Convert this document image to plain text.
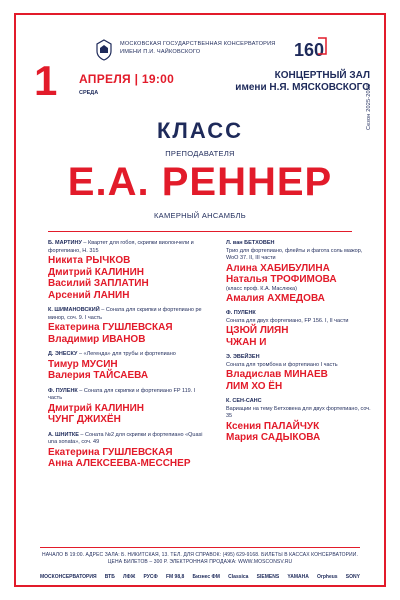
МОСКОВСКАЯ ГОСУДАРСТВЕННАЯ КОНСЕРВАТОРИЯ ИМЕНИ П.И. ЧАЙКОВСКОГО	160
Сезон 2025-2026
1 АПРЕЛЯ | 19:00
СРЕДА
КОНЦЕРТНЫЙ ЗАЛ
имени Н.Я. МЯСКОВСКОГО
КЛАСС
ПРЕПОДАВАТЕЛЯ
Е.А. РЕННЕР
КАМЕРНЫЙ АНСАМБЛЬ
Б. МАРТИНУ – Квартет для гобоя, скрипки виолончели и фортепиано, H. 315
Никита РЫЧКОВ
Дмитрий КАЛИНИН
Василий ЗАПЛАТИН
Арсений ЛАНИН
К. ШИМАНОВСКИЙ – Соната для скрипки и фортепиано ре минор, соч. 9. I часть
Екатерина ГУШЛЕВСКАЯ
Владимир ИВАНОВ
Д. ЭНЕСКУ – «Легенда» для трубы и фортепиано
Тимур МУСИН
Валерия ТАЙСАЕВА
Ф. ПУЛЕНК – Соната для скрипки и фортепиано FP 119. I часть
Дмитрий КАЛИНИН
ЧУНГ ДЖИХЁН
А. ШНИТКЕ – Соната №2 для скрипки и фортепиано «Quasi una sonata», соч. 49
Екатерина ГУШЛЕВСКАЯ
Анна АЛЕКСЕЕВА-МЕССНЕР
Л. ван БЕТХОВЕН
Трио для фортепиано, флейты и фагота соль мажор, WoO 37. II, III части
Алина ХАБИБУЛИНА
Наталья ТРОФИМОВА
(класс проф. К.А. Маслюка)
Амалия АХМЕДОВА
Ф. ПУЛЕНК
Соната для двух фортепиано, FP 156. I, II части
ЦЗЮЙ ЛИЯН
ЧЖАН И
Э. ЭВЕЙЗЕН
Соната для тромбона и фортепиано I часть
Владислав МИНАЕВ
ЛИМ ХО ЁН
К. СЕН-САНС
Вариации на тему Бетховена для двух фортепиано, соч. 35
Ксения ПАЛАЙЧУК
Мария САДЫКОВА
НАЧАЛО В 19:00. АДРЕС ЗАЛА: Б. НИКИТСКАЯ, 13. ТЕЛ. ДЛЯ СПРАВОК: (495) 629-9168. БИЛЕТЫ В КАССАХ КОНСЕРВАТОРИИ.
ЦЕНА БИЛЕТОВ – 300 Р. ЭЛЕКТРОННАЯ ПРОДАЖА: WWW.MOSCONSV.RU
МОСКОНСЕРВАТОРИЯ ВТБ ЛФЖ РУСФ FM 98,8 Бизнес ФМ Classica SIEMENS YAMAHA Orpheus SONY
